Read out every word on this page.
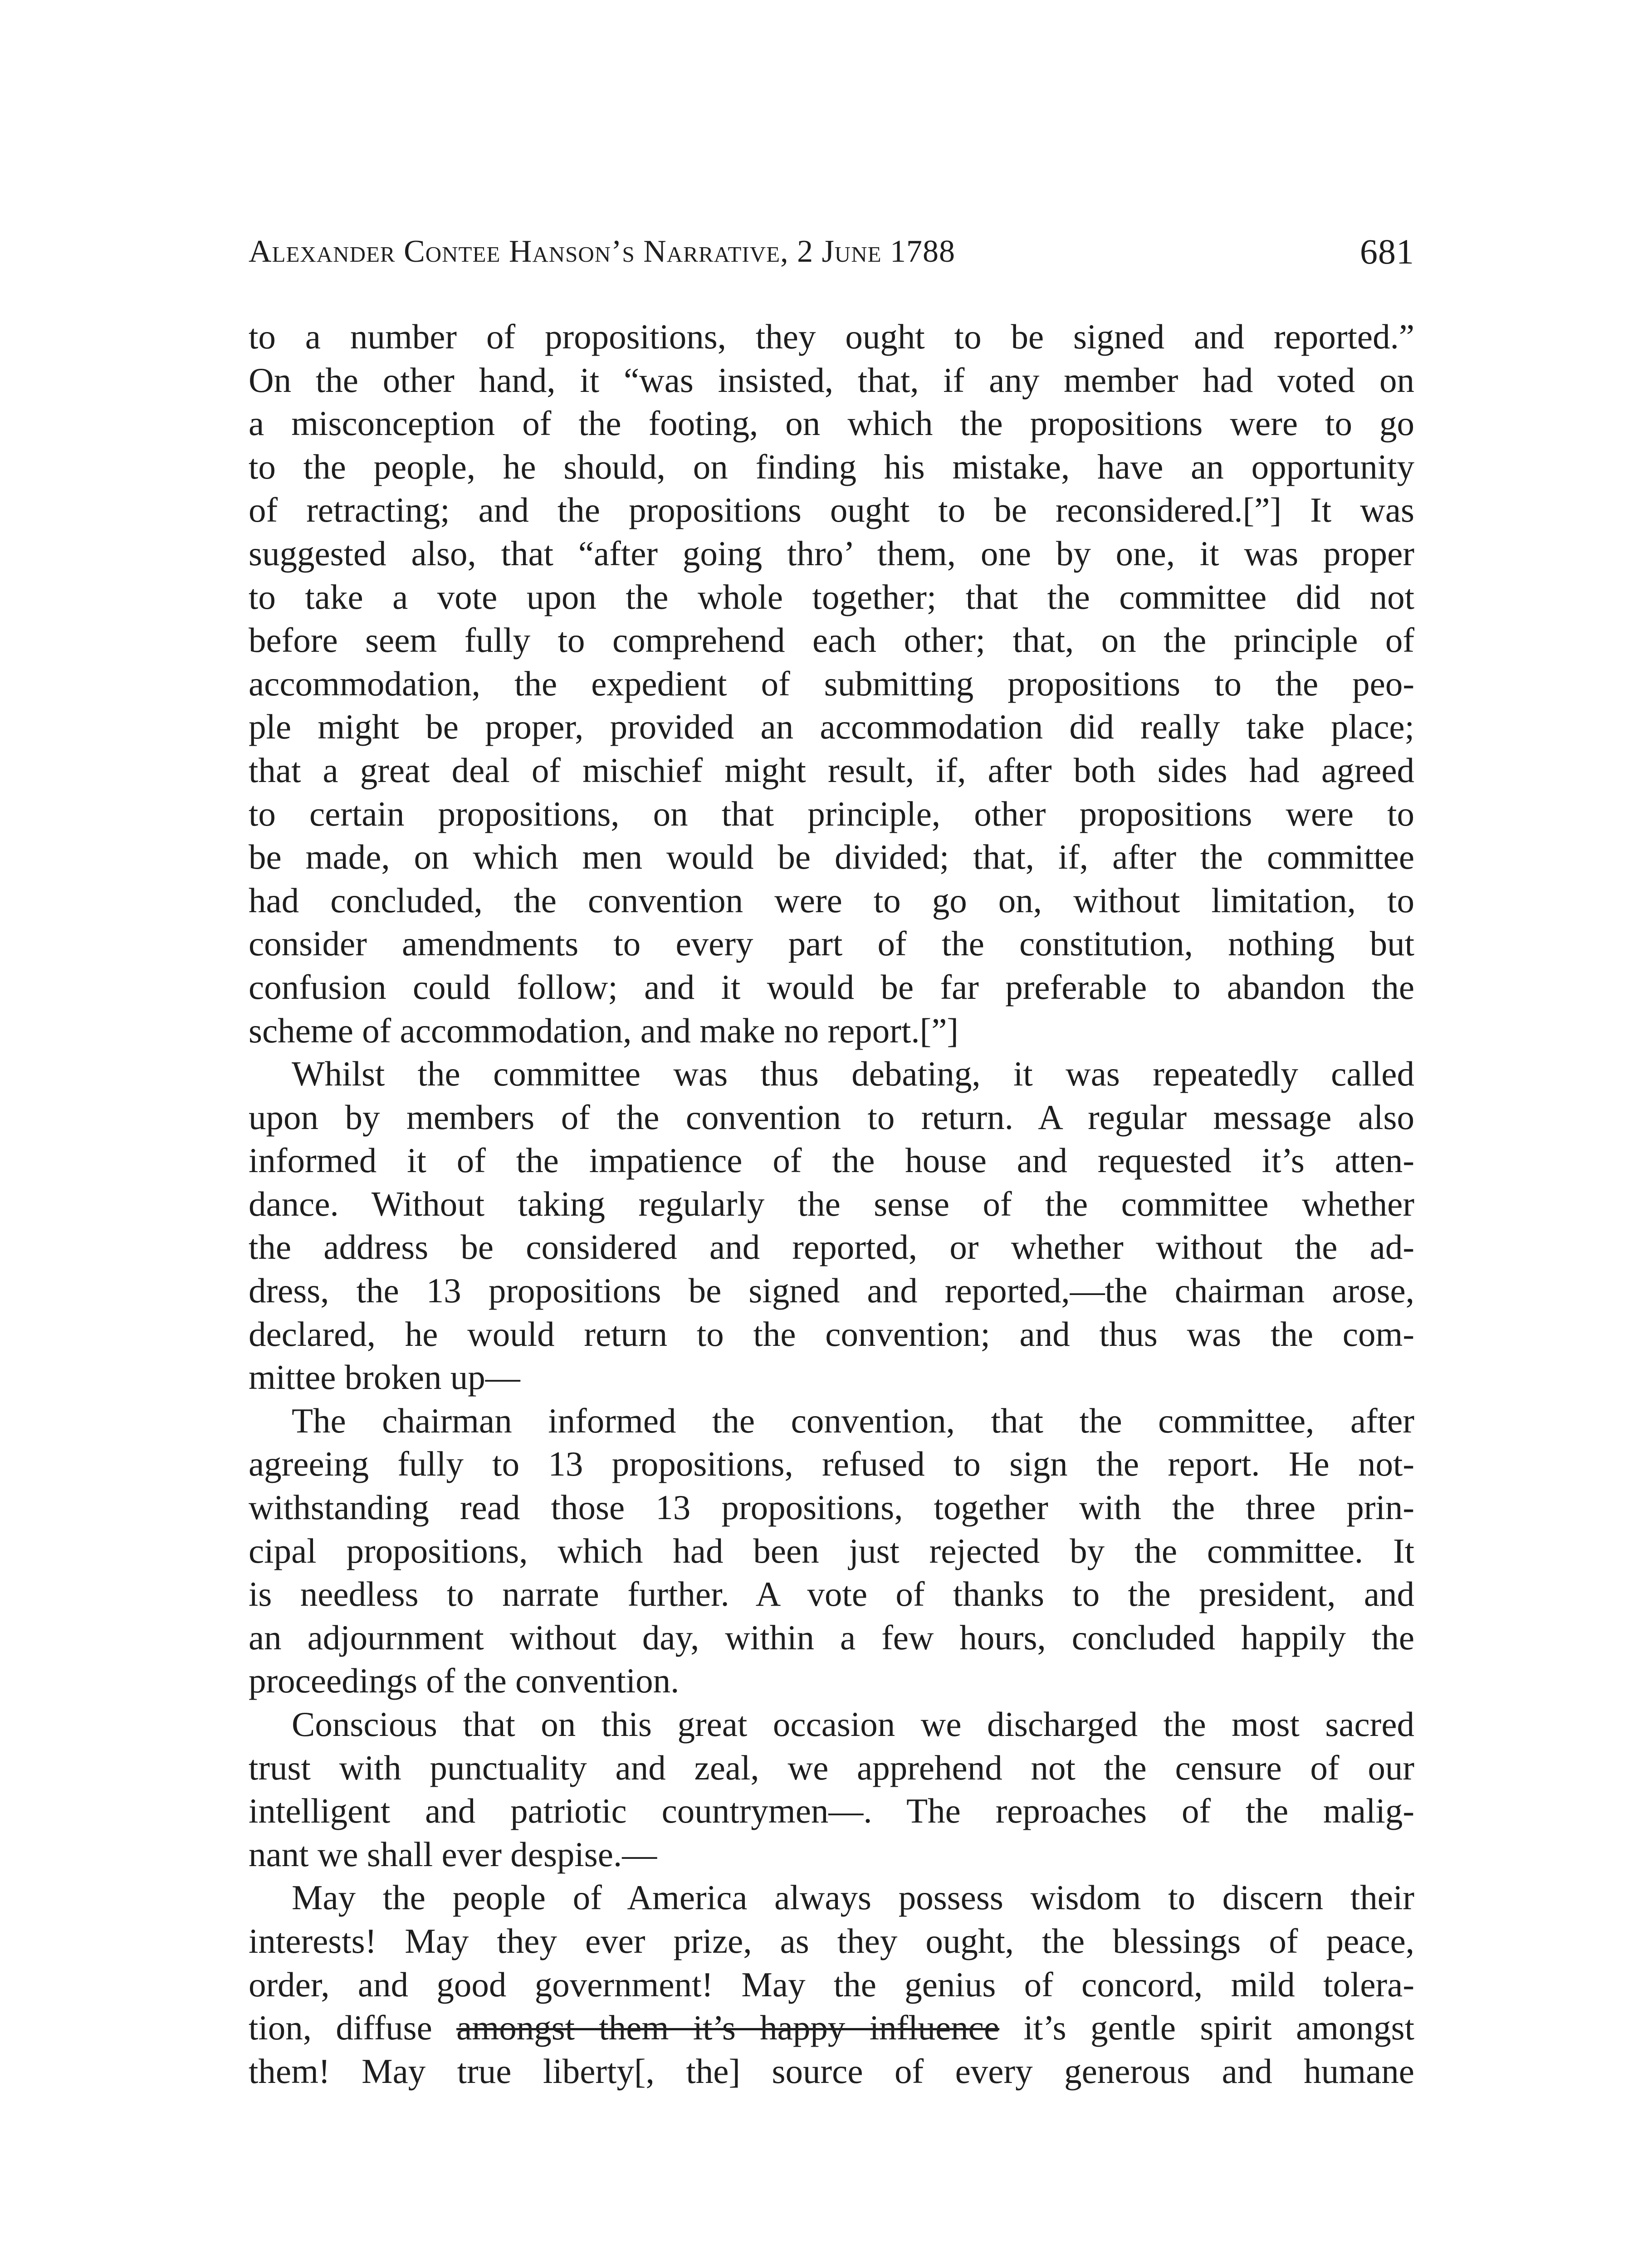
Alexander Contee Hanson’s Narrative, 2 June 1788	681
to a number of propositions, they ought to be signed and reported.”
On the other hand, it “was insisted, that, if any member had voted on
a misconception of the footing, on which the propositions were to go
to the people, he should, on finding his mistake, have an opportunity
of retracting; and the propositions ought to be reconsidered.[”] It was
suggested also, that “after going thro’ them, one by one, it was proper
to take a vote upon the whole together; that the committee did not
before seem fully to comprehend each other; that, on the principle of
accommodation, the expedient of submitting propositions to the peo-
ple might be proper, provided an accommodation did really take place;
that a great deal of mischief might result, if, after both sides had agreed
to certain propositions, on that principle, other propositions were to
be made, on which men would be divided; that, if, after the committee
had concluded, the convention were to go on, without limitation, to
consider amendments to every part of the constitution, nothing but
confusion could follow; and it would be far preferable to abandon the
scheme of accommodation, and make no report.[”]
Whilst the committee was thus debating, it was repeatedly called
upon by members of the convention to return. A regular message also
informed it of the impatience of the house and requested it’s atten-
dance. Without taking regularly the sense of the committee whether
the address be considered and reported, or whether without the ad-
dress, the 13 propositions be signed and reported,—the chairman arose,
declared, he would return to the convention; and thus was the com-
mittee broken up—
The chairman informed the convention, that the committee, after
agreeing fully to 13 propositions, refused to sign the report. He not-
withstanding read those 13 propositions, together with the three prin-
cipal propositions, which had been just rejected by the committee. It
is needless to narrate further. A vote of thanks to the president, and
an adjournment without day, within a few hours, concluded happily the
proceedings of the convention.
Conscious that on this great occasion we discharged the most sacred
trust with punctuality and zeal, we apprehend not the censure of our
intelligent and patriotic countrymen—. The reproaches of the malig-
nant we shall ever despise.—
May the people of America always possess wisdom to discern their
interests! May they ever prize, as they ought, the blessings of peace,
order, and good government! May the genius of concord, mild tolera-
tion, diffuse amongst them it’s happy influence it’s gentle spirit amongst
them! May true liberty[, the] source of every generous and humane
